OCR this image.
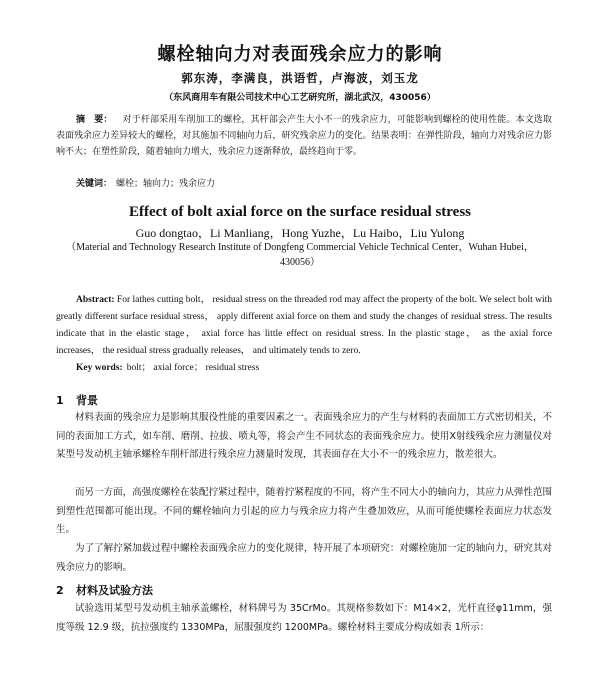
螺栓轴向力对表面残余应力的影响
郭东涛，李满良，洪语哲，卢海波，刘玉龙
（东风商用车有限公司技术中心工艺研究所，湖北武汉，430056）
摘　要： 对于杆部采用车削加工的螺栓，其杆部会产生大小不一的残余应力，可能影响到螺栓的使用性能。本文选取表面残余应力差异较大的螺栓，对其施加不同轴向力后，研究残余应力的变化。结果表明：在弹性阶段，轴向力对残余应力影响不大；在塑性阶段，随着轴向力增大，残余应力逐渐释放，最终趋向于零。
关键词： 螺栓；轴向力；残余应力
Effect of bolt axial force on the surface residual stress
Guo dongtao，Li Manliang，Hong Yuzhe，Lu Haibo，Liu Yulong
（Material and Technology Research Institute of Dongfeng Commercial Vehicle Technical Center，Wuhan Hubei，430056）
Abstract: For lathes cutting bolt， residual stress on the threaded rod may affect the property of the bolt. We select bolt with greatly different surface residual stress， apply different axial force on them and study the changes of residual stress. The results indicate that in the elastic stage， axial force has little effect on residual stress. In the plastic stage， as the axial force increases， the residual stress gradually releases， and ultimately tends to zero.
Key words: bolt； axial force； residual stress
1 背景
材料表面的残余应力是影响其服役性能的重要因素之一。表面残余应力的产生与材料的表面加工方式密切相关，不同的表面加工方式，如车削、磨削、拉拔、喷丸等，将会产生不同状态的表面残余应力。使用X射线残余应力测量仪对某型号发动机主轴承螺栓车削杆部进行残余应力测量时发现，其表面存在大小不一的残余应力，散差很大。
而另一方面，高强度螺栓在装配拧紧过程中，随着拧紧程度的不同，将产生不同大小的轴向力，其应力从弹性范围到塑性范围都可能出现。不同的螺栓轴向力引起的应力与残余应力将产生叠加效应，从而可能使螺栓表面应力状态发生。
为了了解拧紧加载过程中螺栓表面残余应力的变化规律，特开展了本项研究：对螺栓施加一定的轴向力，研究其对残余应力的影响。
2 材料及试验方法
试验选用某型号发动机主轴承盖螺栓，材料牌号为 35CrMo。其规格参数如下：M14×2，光杆直径φ11mm，强度等级 12.9 级，抗拉强度约 1330MPa，屈服强度约 1200MPa。螺栓材料主要成分构成如表 1所示：
